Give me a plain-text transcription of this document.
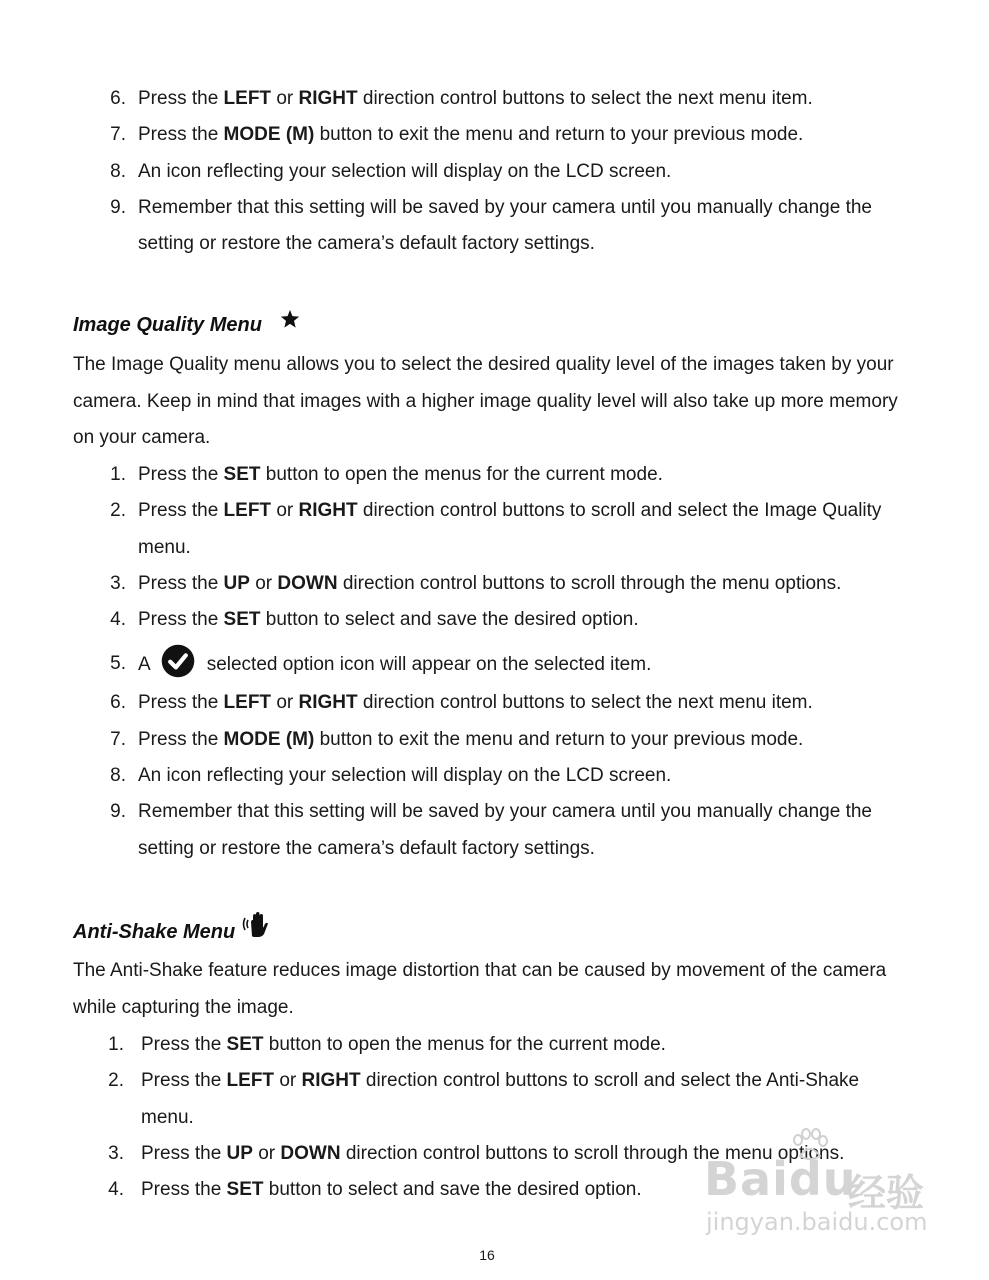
6. Press the LEFT or RIGHT direction control buttons to select the next menu item.
7. Press the MODE (M) button to exit the menu and return to your previous mode.
8. An icon reflecting your selection will display on the LCD screen.
9. Remember that this setting will be saved by your camera until you manually change the setting or restore the camera’s default factory settings.
Image Quality Menu

The Image Quality menu allows you to select the desired quality level of the images taken by your camera. Keep in mind that images with a higher image quality level will also take up more memory on your camera.

1. Press the SET button to open the menus for the current mode.
2. Press the LEFT or RIGHT direction control buttons to scroll and select the Image Quality menu.
3. Press the UP or DOWN direction control buttons to scroll through the menu options.
4. Press the SET button to select and save the desired option.
5. A	selected option icon will appear on the selected item.
6. Press the LEFT or RIGHT direction control buttons to select the next menu item.
7. Press the MODE (M) button to exit the menu and return to your previous mode.
8. An icon reflecting your selection will display on the LCD screen.
9. Remember that this setting will be saved by your camera until you manually change the setting or restore the camera’s default factory settings.
Anti-Shake Menu

The Anti-Shake feature reduces image distortion that can be caused by movement of the camera while capturing the image.

1. Press the SET button to open the menus for the current mode.
2. Press the LEFT or RIGHT direction control buttons to scroll and select the Anti-Shake menu.
3. Press the UP or DOWN direction control buttons to scroll through the menu options.
4. Press the SET button to select and save the desired option.
16
Baidu
经验
jingyan.baidu.com
